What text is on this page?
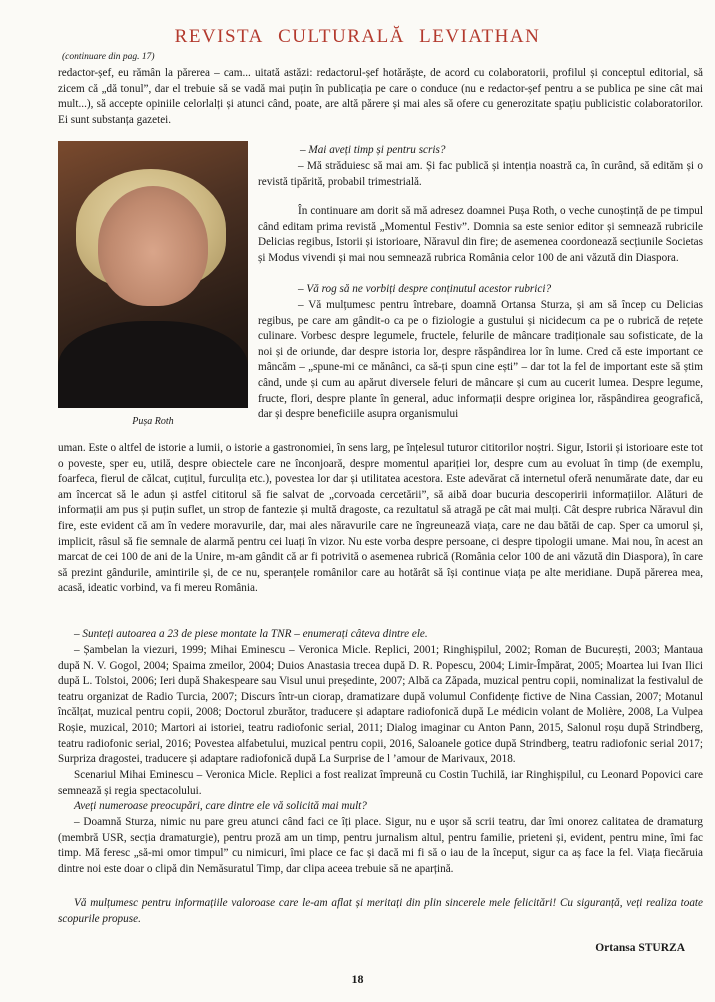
REVISTA CULTURALĂ LEVIATHAN
(continuare din pag. 17)

redactor-șef, eu rămân la părerea – cam... uitată astăzi: redactorul-șef hotărăște, de acord cu colaboratorii, profilul și conceptul editorial, să zicem că „dă tonul”, dar el trebuie să se vadă mai puțin în publicația pe care o conduce (nu e redactor-șef pentru a se publica pe sine cât mai mult...), să accepte opiniile celorlalți și atunci când, poate, are altă părere și mai ales să ofere cu generozitate spațiu publicistic colaboratorilor. Ei sunt substanța gazetei.

Pușa Roth

– Mai aveți timp și pentru scris?

– Mă străduiesc să mai am. Și fac publică și intenția noastră ca, în curând, să edităm și o revistă tipărită, probabil trimestrială.

În continuare am dorit să mă adresez doamnei Pușa Roth, o veche cunoștință de pe timpul când editam prima revistă „Momentul Festiv”. Domnia sa este senior editor și semnează rubricile Delicias regibus, Istorii și istorioare, Năravul din fire; de asemenea coordonează secțiunile Societas și Modus vivendi și mai nou semnează rubrica România celor 100 de ani văzută din Diaspora.

– Vă rog să ne vorbiți despre conținutul acestor rubrici?

– Vă mulțumesc pentru întrebare, doamnă Ortansa Sturza, și am să încep cu Delicias regibus, pe care am gândit-o ca pe o fiziologie a gustului și nicidecum ca pe o rubrică de rețete culinare. Vorbesc despre legumele, fructele, felurile de mâncare tradiționale sau sofisticate, de la noi și de oriunde, dar despre istoria lor, despre răspândirea lor în lume. Cred că este important ce mâncăm – „spune-mi ce mănânci, ca să-ți spun cine ești” – dar tot la fel de important este să știm când, unde și cum au apărut diversele feluri de mâncare și cum au cucerit lumea. Despre legume, fructe, flori, despre plante în general, aduc informații despre originea lor, răspândirea geografică, dar și despre beneficiile asupra organismului

uman. Este o altfel de istorie a lumii, o istorie a gastronomiei, în sens larg, pe înțelesul tuturor cititorilor noștri. Sigur, Istorii și istorioare este tot o poveste, sper eu, utilă, despre obiectele care ne înconjoară, despre momentul apariției lor, despre cum au evoluat în timp (de exemplu, foarfeca, fierul de călcat, cuțitul, furculița etc.), povestea lor dar și utilitatea acestora. Este adevărat că internetul oferă nenumărate date, dar eu am încercat să le adun și astfel cititorul să fie salvat de „corvoada cercetării”, să aibă doar bucuria descoperirii informațiilor. Alături de informații am pus și puțin suflet, un strop de fantezie și multă dragoste, ca rezultatul să atragă pe cât mai mulți. Cât despre rubrica Năravul din fire, este evident că am în vedere moravurile, dar, mai ales năravurile care ne îngreunează viața, care ne dau bătăi de cap. Sper ca umorul și, implicit, râsul să fie semnale de alarmă pentru cei luați în vizor. Nu este vorba despre persoane, ci despre tipologii umane. Mai nou, în acest an marcat de cei 100 de ani de la Unire, m-am gândit că ar fi potrivită o asemenea rubrică (România celor 100 de ani văzută din Diaspora), în care să prezint gândurile, amintirile și, de ce nu, speranțele românilor care au hotărât să își continue viața pe alte meridiane. După părerea mea, acasă, ideatic vorbind, va fi mereu România.

– Sunteți autoarea a 23 de piese montate la TNR – enumerați câteva dintre ele.

– Șambelan la viezuri, 1999; Mihai Eminescu – Veronica Micle. Replici, 2001; Ringhișpilul, 2002; Roman de București, 2003; Mantaua după N. V. Gogol, 2004; Spaima zmeilor, 2004; Duios Anastasia trecea după D. R. Popescu, 2004; Limir-Împărat, 2005; Moartea lui Ivan Ilici după L. Tolstoi, 2006; Ieri după Shakespeare sau Visul unui președinte, 2007; Albă ca Zăpada, muzical pentru copii, nominalizat la festivalul de teatru organizat de Radio Turcia, 2007; Discurs într-un ciorap, dramatizare după volumul Confidențe fictive de Nina Cassian, 2007; Motanul încălțat, muzical pentru copii, 2008; Doctorul zburător, traducere și adaptare radiofonică după Le médicin volant de Molière, 2008, La Vulpea Roșie, muzical, 2010; Martori ai istoriei, teatru radiofonic serial, 2011; Dialog imaginar cu Anton Pann, 2015, Salonul roșu după Strindberg, teatru radiofonic serial, 2016; Povestea alfabetului, muzical pentru copii, 2016, Saloanele gotice după Strindberg, teatru radiofonic serial 2017; Surpriza dragostei, traducere și adaptare radiofonică după La Surprise de l ’amour de Marivaux, 2018.

Scenariul Mihai Eminescu – Veronica Micle. Replici a fost realizat împreună cu Costin Tuchilă, iar Ringhișpilul, cu Leonard Popovici care semnează și regia spectacolului.

Aveți numeroase preocupări, care dintre ele vă solicită mai mult?

– Doamnă Sturza, nimic nu pare greu atunci când faci ce îți place. Sigur, nu e ușor să scrii teatru, dar îmi onorez calitatea de dramaturg (membră USR, secția dramaturgie), pentru proză am un timp, pentru jurnalism altul, pentru familie, prieteni și, evident, pentru mine, îmi fac timp. Mă feresc „să-mi omor timpul” cu nimicuri, îmi place ce fac și dacă mi fi să o iau de la început, sigur ca aș face la fel. Viața fiecăruia dintre noi este doar o clipă din Nemăsuratul Timp, dar clipa aceea trebuie să ne aparțină.

Vă mulțumesc pentru informațiile valoroase care le-am aflat și meritați din plin sincerele mele felicitări! Cu siguranță, veți realiza toate scopurile propuse.

Ortansa STURZA
18
